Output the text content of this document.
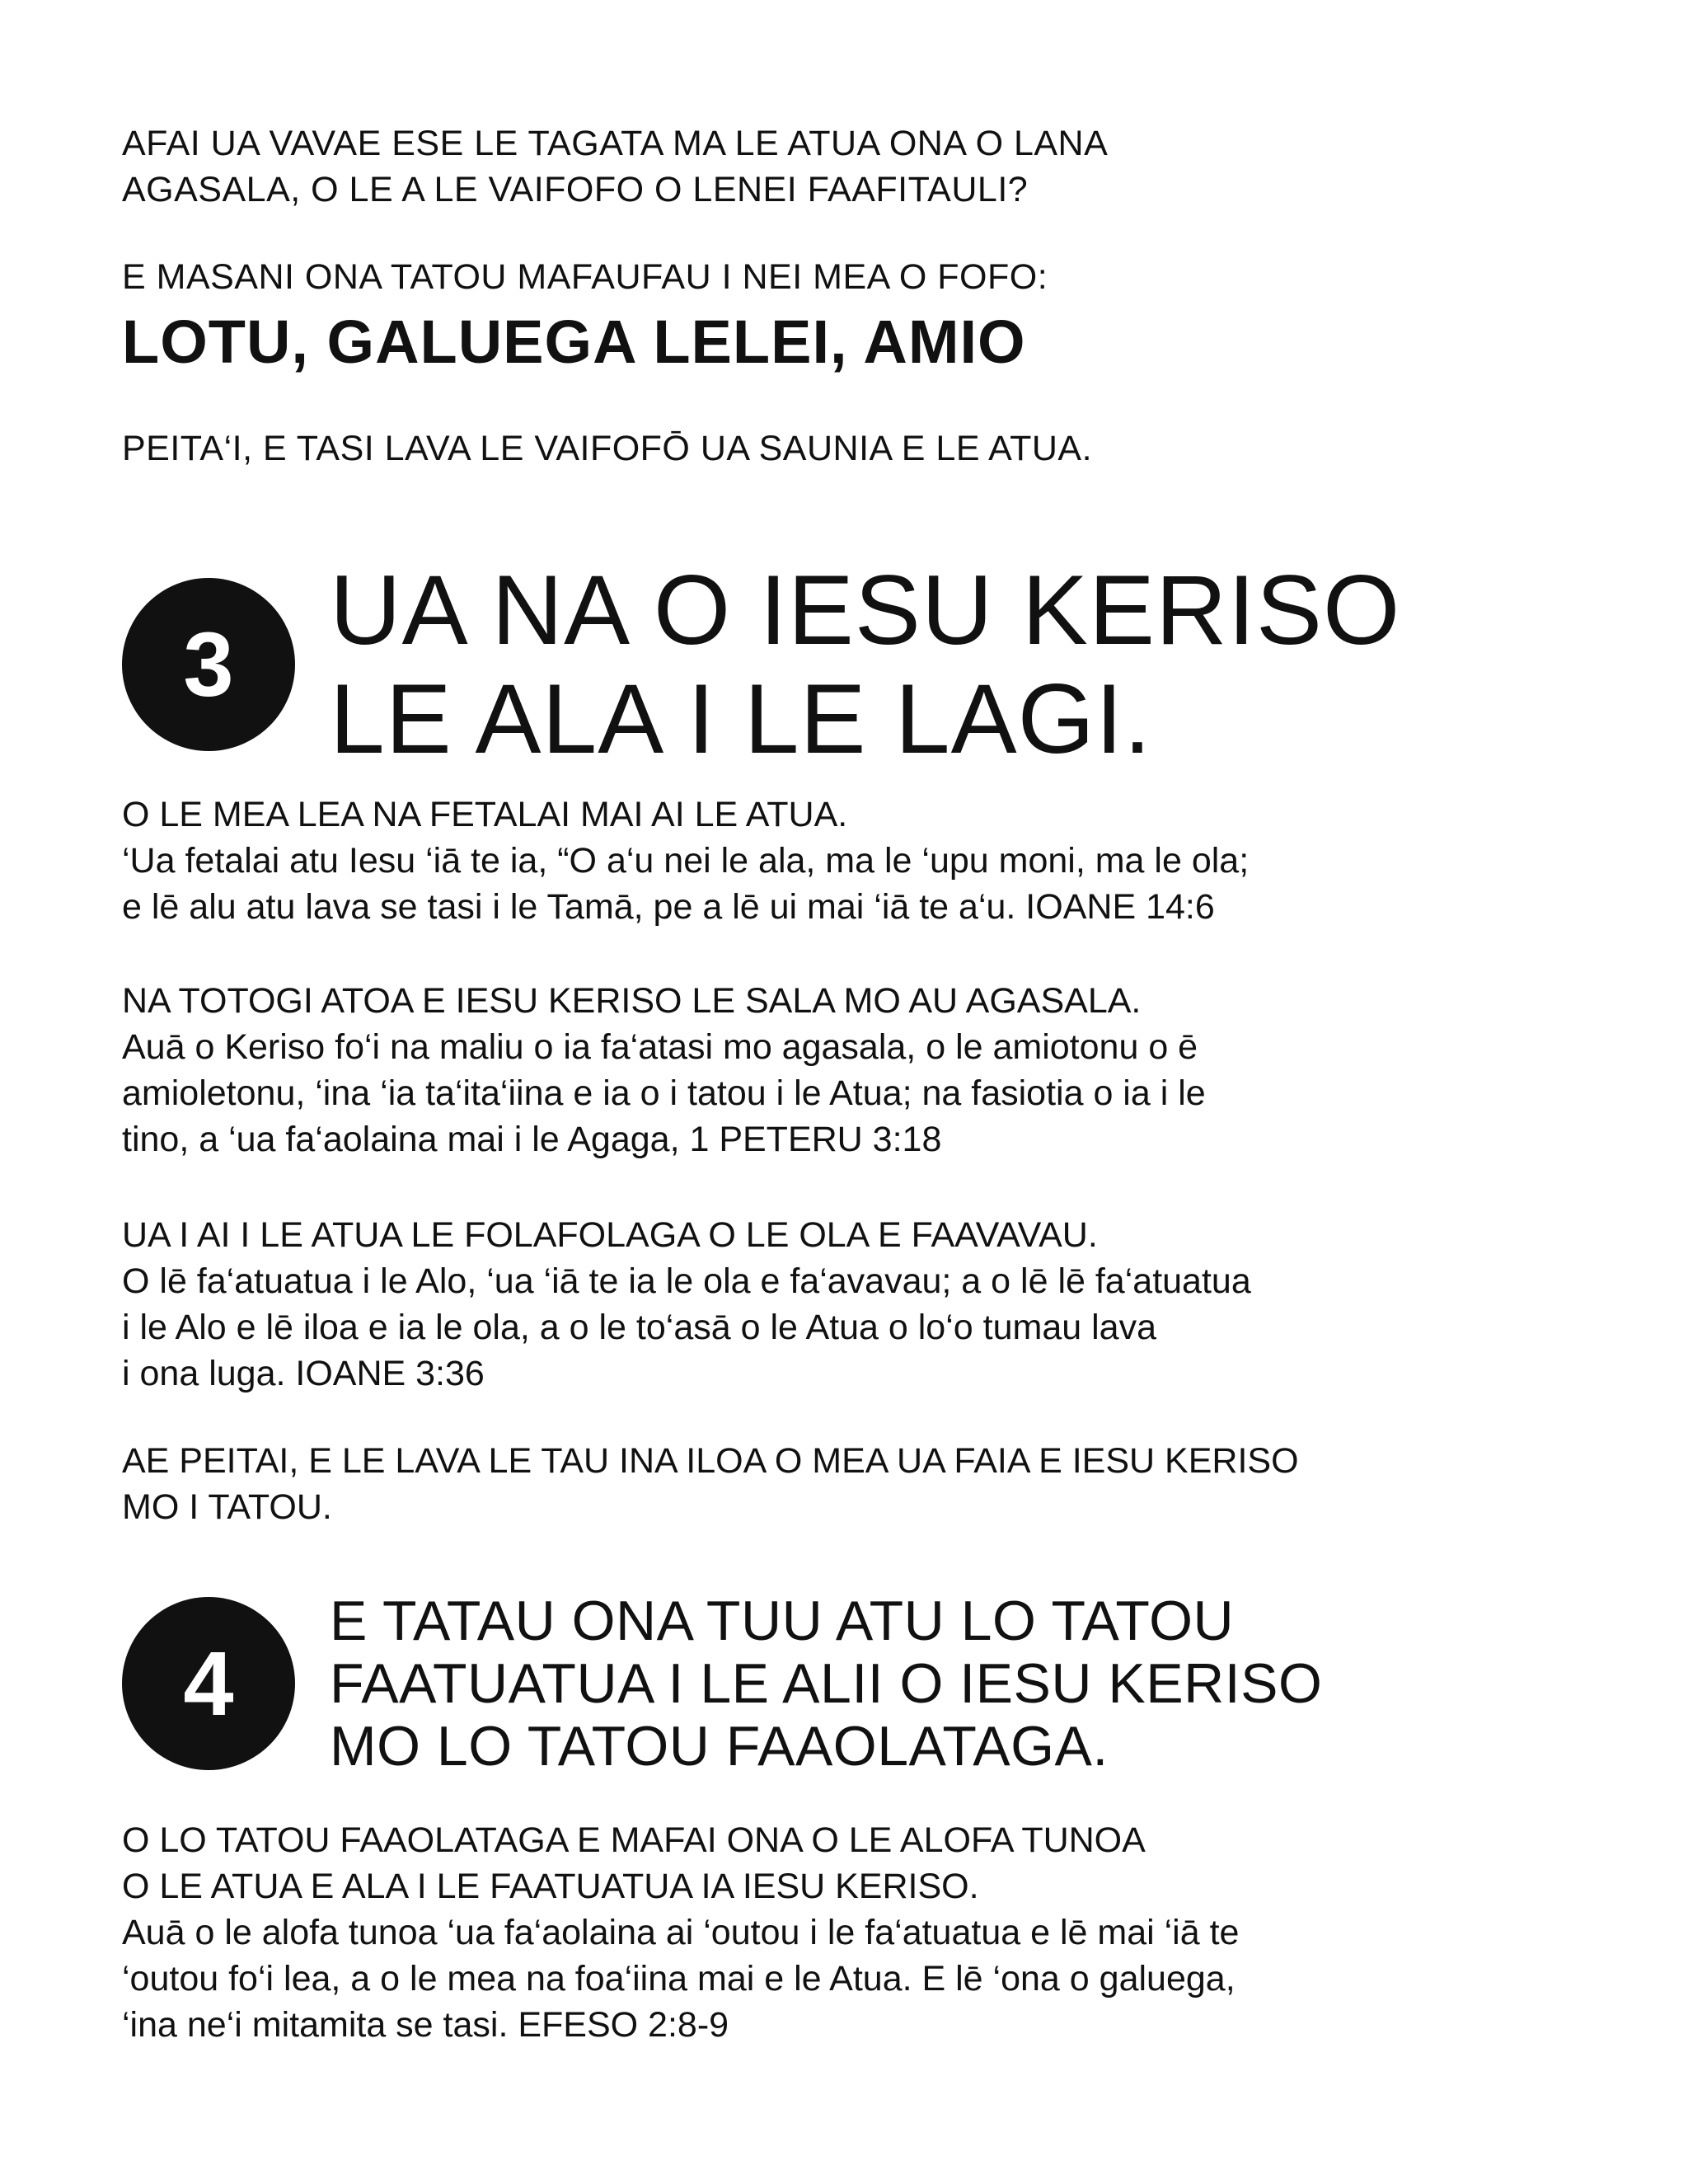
AFAI UA VAVAE ESE LE TAGATA MA LE ATUA ONA O LANA
AGASALA, O LE A LE VAIFOFO O LENEI FAAFITAULI?

E MASANI ONA TATOU MAFAUFAU I NEI MEA O FOFO:

LOTU, GALUEGA LELEI, AMIO

PEITA‘I, E TASI LAVA LE VAIFOFŌ UA SAUNIA E LE ATUA.

3 UA NA O IESU KERISO
LE ALA I LE LAGI.

O LE MEA LEA NA FETALAI MAI AI LE ATUA.
‘Ua fetalai atu Iesu ‘iā te ia, “O a‘u nei le ala, ma le ‘upu moni, ma le ola;
e lē alu atu lava se tasi i le Tamā, pe a lē ui mai ‘iā te a‘u. IOANE 14:6

NA TOTOGI ATOA E IESU KERISO LE SALA MO AU AGASALA.
Auā o Keriso fo‘i na maliu o ia fa‘atasi mo agasala, o le amiotonu o ē
amioletonu, ‘ina ‘ia ta‘ita‘iina e ia o i tatou i le Atua; na fasiotia o ia i le
tino, a ‘ua fa‘aolaina mai i le Agaga, 1 PETERU 3:18

UA I AI I LE ATUA LE FOLAFOLAGA O LE OLA E FAAVAVAU.
O lē fa‘atuatua i le Alo, ‘ua ‘iā te ia le ola e fa‘avavau; a o lē lē fa‘atuatua
i le Alo e lē iloa e ia le ola, a o le to‘asā o le Atua o lo‘o tumau lava
i ona luga. IOANE 3:36

AE PEITAI, E LE LAVA LE TAU INA ILOA O MEA UA FAIA E IESU KERISO
MO I TATOU.

4
E TATAU ONA TUU ATU LO TATOU
FAATUATUA I LE ALII O IESU KERISO
MO LO TATOU FAAOLATAGA.

O LO TATOU FAAOLATAGA E MAFAI ONA O LE ALOFA TUNOA
O LE ATUA E ALA I LE FAATUATUA IA IESU KERISO.
Auā o le alofa tunoa ‘ua fa‘aolaina ai ‘outou i le fa‘atuatua e lē mai ‘iā te
‘outou fo‘i lea, a o le mea na foa‘iina mai e le Atua. E lē ‘ona o galuega,
‘ina ne‘i mitamita se tasi. EFESO 2:8-9
